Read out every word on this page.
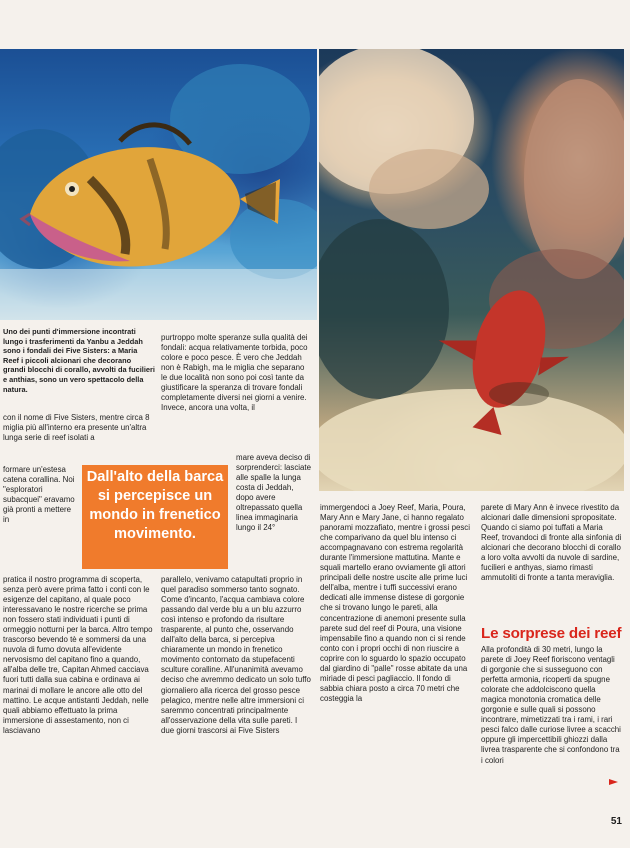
Uno dei punti d'immersione incontrati lungo i trasferimenti da Yanbu a Jeddah sono i fondali dei Five Sisters: a Maria Reef i piccoli alcionari che decorano grandi blocchi di corallo, avvolti da fucilieri e anthias, sono un vero spettacolo della natura.

con il nome di Five Sisters, mentre circa 8 miglia più all'interno era presente un'altra lunga serie di reef isolati a

formare un'estesa catena corallina. Noi "esploratori subacquei" eravamo già pronti a mettere in

pratica il nostro programma di scoperta, senza però avere prima fatto i conti con le esigenze del capitano, al quale poco interessavano le nostre ricerche se prima non fossero stati individuati i punti di ormeggio notturni per la barca. Altro tempo trascorso bevendo tè e sommersi da una nuvola di fumo dovuta all'evidente nervosismo del capitano fino a quando, all'alba delle tre, Capitan Ahmed cacciava fuori tutti dalla sua cabina e ordinava ai marinai di mollare le ancore alle otto del mattino. Le acque antistanti Jeddah, nelle quali abbiamo effettuato la prima immersione di assestamento, non ci lasciavano

purtroppo molte speranze sulla qualità dei fondali: acqua relativamente torbida, poco colore e poco pesce. È vero che Jeddah non è Rabigh, ma le miglia che separano le due località non sono poi così tante da giustificare la speranza di trovare fondali completamente diversi nei giorni a venire. Invece, ancora una volta, il

mare aveva deciso di sorprenderci: lasciate alle spalle la lunga costa di Jeddah, dopo avere oltrepassato quella linea immaginaria lungo il 24°

parallelo, venivamo catapultati proprio in quel paradiso sommerso tanto sognato. Come d'incanto, l'acqua cambiava colore passando dal verde blu a un blu azzurro così intenso e profondo da risultare trasparente, al punto che, osservando dall'alto della barca, si percepiva chiaramente un mondo in frenetico movimento contornato da stupefacenti sculture coralline. All'unanimità avevamo deciso che avremmo dedicato un solo tuffo giornaliero alla ricerca del grosso pesce pelagico, mentre nelle altre immersioni ci saremmo concentrati principalmente all'osservazione della vita sulle pareti. I due giorni trascorsi ai Five Sisters

Dall'alto della barca si percepisce un mondo in frenetico movimento.

immergendoci a Joey Reef, Maria, Poura, Mary Ann e Mary Jane, ci hanno regalato panorami mozzafiato, mentre i grossi pesci che comparivano da quel blu intenso ci accompagnavano con estrema regolarità durante l'immersione mattutina. Mante e squali martello erano ovviamente gli attori principali delle nostre uscite alle prime luci dell'alba, mentre i tuffi successivi erano dedicati alle immense distese di gorgonie che si trovano lungo le pareti, alla concentrazione di anemoni presente sulla parete sud del reef di Poura, una visione impensabile fino a quando non ci si rende conto con i propri occhi di non riuscire a coprire con lo sguardo lo spazio occupato dal giardino di "palle" rosse abitate da una miriade di pesci pagliaccio. Il fondo di sabbia chiara posto a circa 70 metri che costeggia la

parete di Mary Ann è invece rivestito da alcionari dalle dimensioni spropositate. Quando ci siamo poi tuffati a Maria Reef, trovandoci di fronte alla sinfonia di alcionari che decorano blocchi di corallo a loro volta avvolti da nuvole di sardine, fucilieri e anthyas, siamo rimasti ammutoliti di fronte a tanta meraviglia.

Le sorprese dei reef

Alla profondità di 30 metri, lungo la parete di Joey Reef fioriscono ventagli di gorgonie che si susseguono con perfetta armonia, ricoperti da spugne colorate che addolciscono quella magica monotonia cromatica delle gorgonie e sulle quali si possono incontrare, mimetizzati tra i rami, i rari pesci falco dalle curiose livree a scacchi oppure gli impercettibili ghiozzi dalla livrea trasparente che si confondono tra i colori

51
